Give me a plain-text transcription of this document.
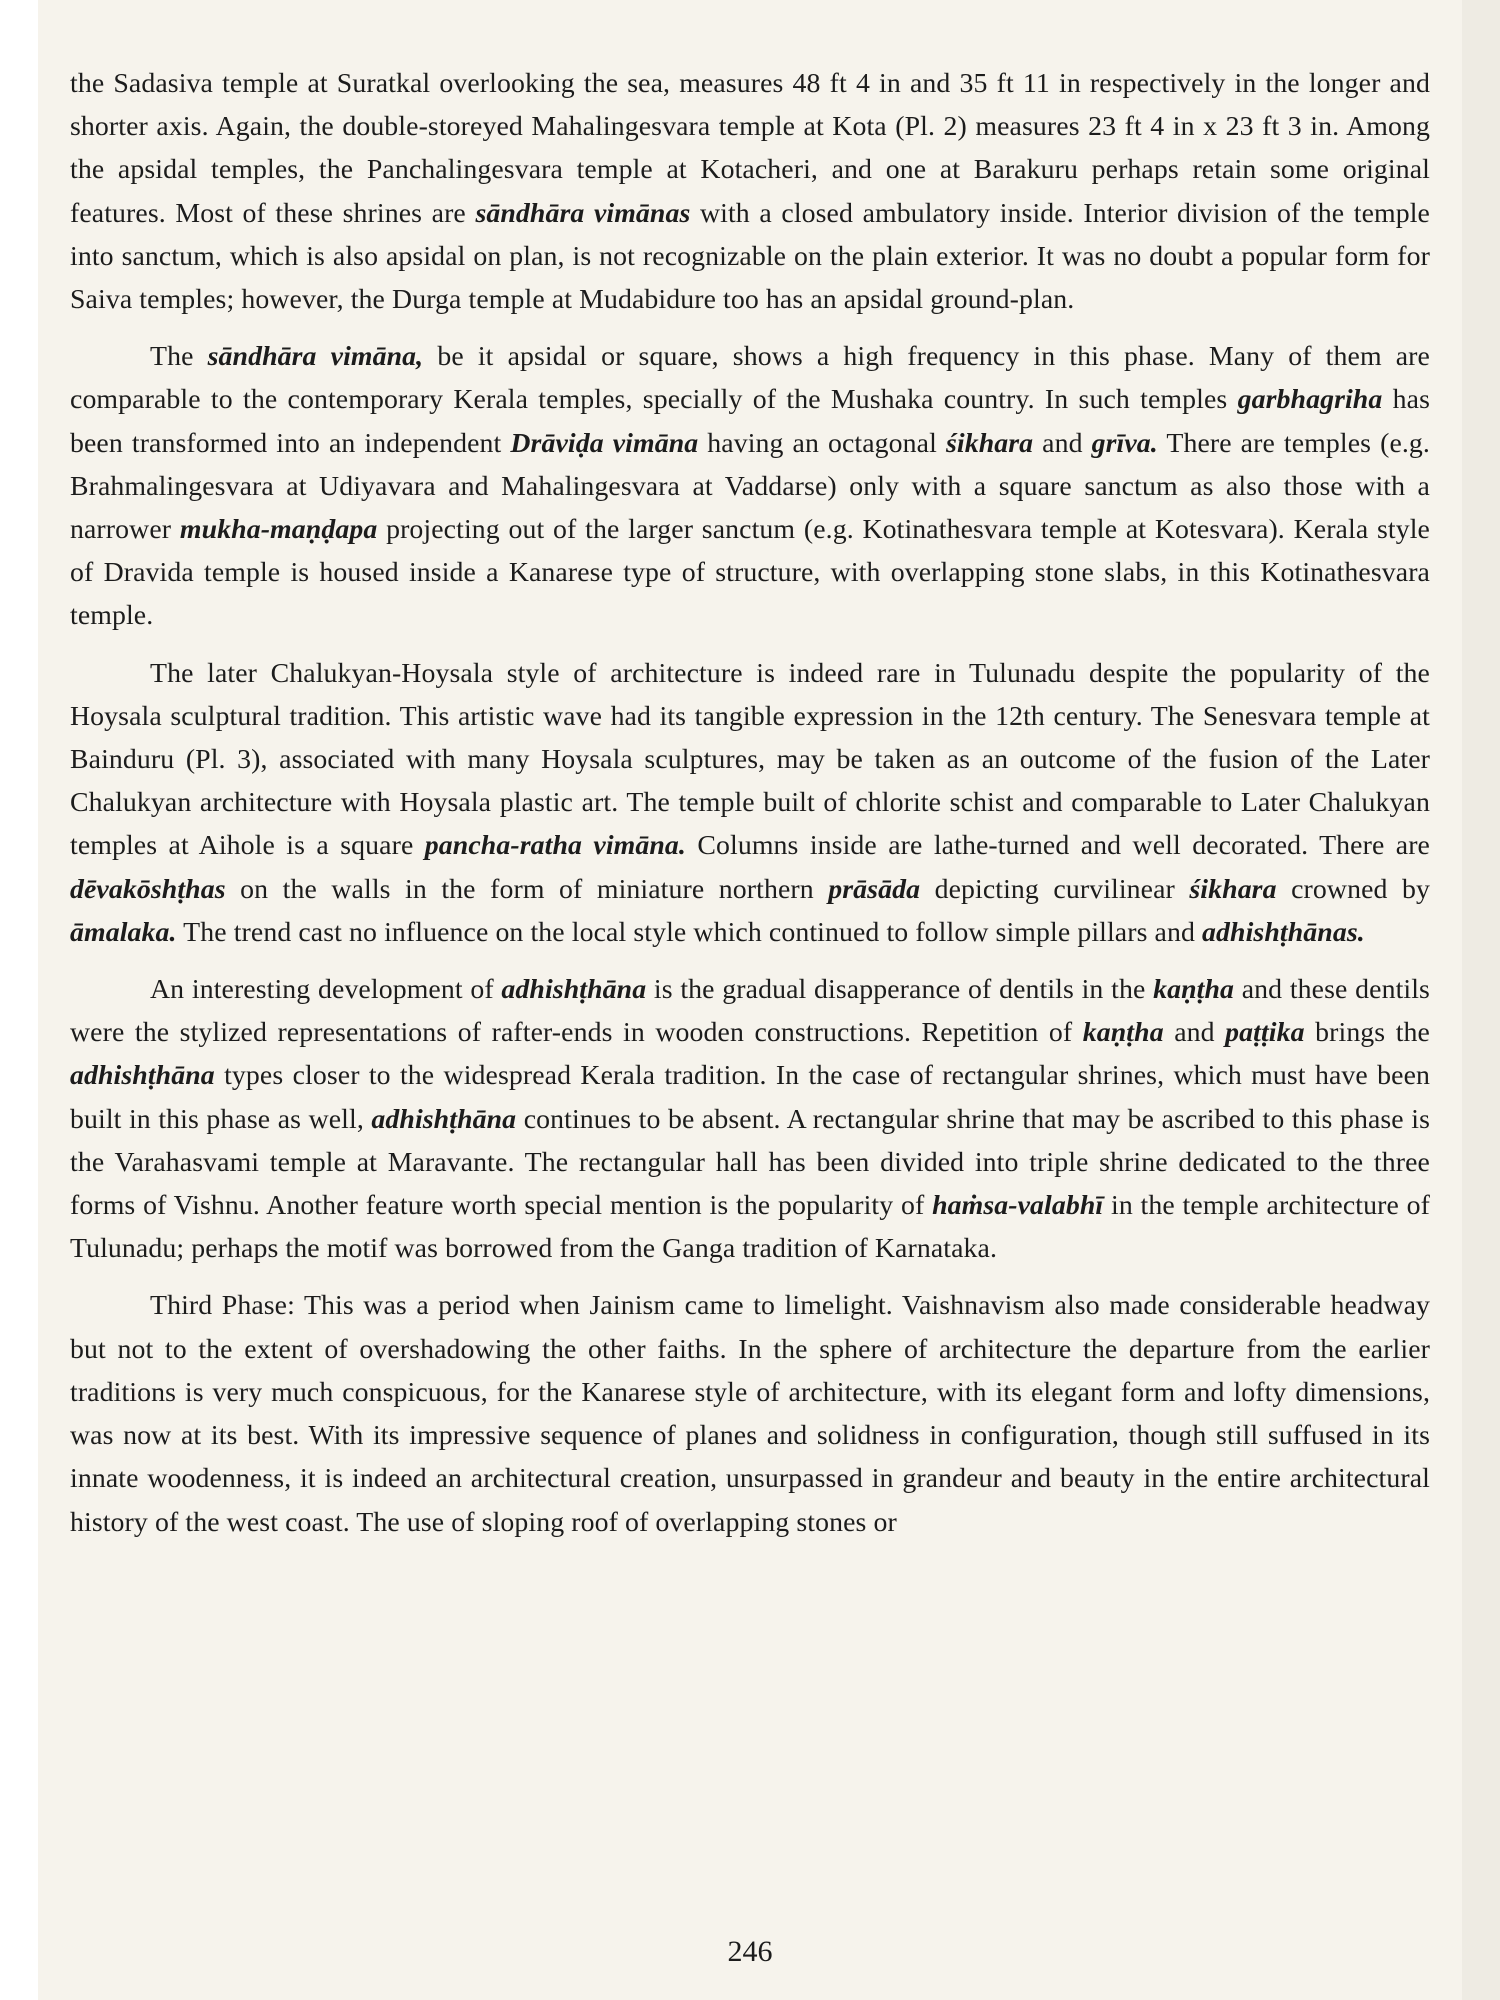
the Sadasiva temple at Suratkal overlooking the sea, measures 48 ft 4 in and 35 ft 11 in respectively in the longer and shorter axis. Again, the double-storeyed Mahalingesvara temple at Kota (Pl. 2) measures 23 ft 4 in x 23 ft 3 in. Among the apsidal temples, the Panchalingesvara temple at Kotacheri, and one at Barakuru perhaps retain some original features. Most of these shrines are sāndhāra vimānas with a closed ambulatory inside. Interior division of the temple into sanctum, which is also apsidal on plan, is not recognizable on the plain exterior. It was no doubt a popular form for Saiva temples; however, the Durga temple at Mudabidure too has an apsidal ground-plan.

The sāndhāra vimāna, be it apsidal or square, shows a high frequency in this phase. Many of them are comparable to the contemporary Kerala temples, specially of the Mushaka country. In such temples garbhagriha has been transformed into an independent Drāviḍa vimāna having an octagonal śikhara and grīva. There are temples (e.g. Brahmalingesvara at Udiyavara and Mahalingesvara at Vaddarse) only with a square sanctum as also those with a narrower mukha-maṇḍapa projecting out of the larger sanctum (e.g. Kotinathesvara temple at Kotesvara). Kerala style of Dravida temple is housed inside a Kanarese type of structure, with overlapping stone slabs, in this Kotinathesvara temple.

The later Chalukyan-Hoysala style of architecture is indeed rare in Tulunadu despite the popularity of the Hoysala sculptural tradition. This artistic wave had its tangible expression in the 12th century. The Senesvara temple at Bainduru (Pl. 3), associated with many Hoysala sculptures, may be taken as an outcome of the fusion of the Later Chalukyan architecture with Hoysala plastic art. The temple built of chlorite schist and comparable to Later Chalukyan temples at Aihole is a square pancha-ratha vimāna. Columns inside are lathe-turned and well decorated. There are dēvakōshṭhas on the walls in the form of miniature northern prāsāda depicting curvilinear śikhara crowned by āmalaka. The trend cast no influence on the local style which continued to follow simple pillars and adhishṭhānas.

An interesting development of adhishṭhāna is the gradual disapperance of dentils in the kaṇṭha and these dentils were the stylized representations of rafter-ends in wooden constructions. Repetition of kaṇṭha and paṭṭika brings the adhishṭhāna types closer to the widespread Kerala tradition. In the case of rectangular shrines, which must have been built in this phase as well, adhishṭhāna continues to be absent. A rectangular shrine that may be ascribed to this phase is the Varahasvami temple at Maravante. The rectangular hall has been divided into triple shrine dedicated to the three forms of Vishnu. Another feature worth special mention is the popularity of haṁsa-valabhī in the temple architecture of Tulunadu; perhaps the motif was borrowed from the Ganga tradition of Karnataka.

Third Phase: This was a period when Jainism came to limelight. Vaishnavism also made considerable headway but not to the extent of overshadowing the other faiths. In the sphere of architecture the departure from the earlier traditions is very much conspicuous, for the Kanarese style of architecture, with its elegant form and lofty dimensions, was now at its best. With its impressive sequence of planes and solidness in configuration, though still suffused in its innate woodenness, it is indeed an architectural creation, unsurpassed in grandeur and beauty in the entire architectural history of the west coast. The use of sloping roof of overlapping stones or

246
